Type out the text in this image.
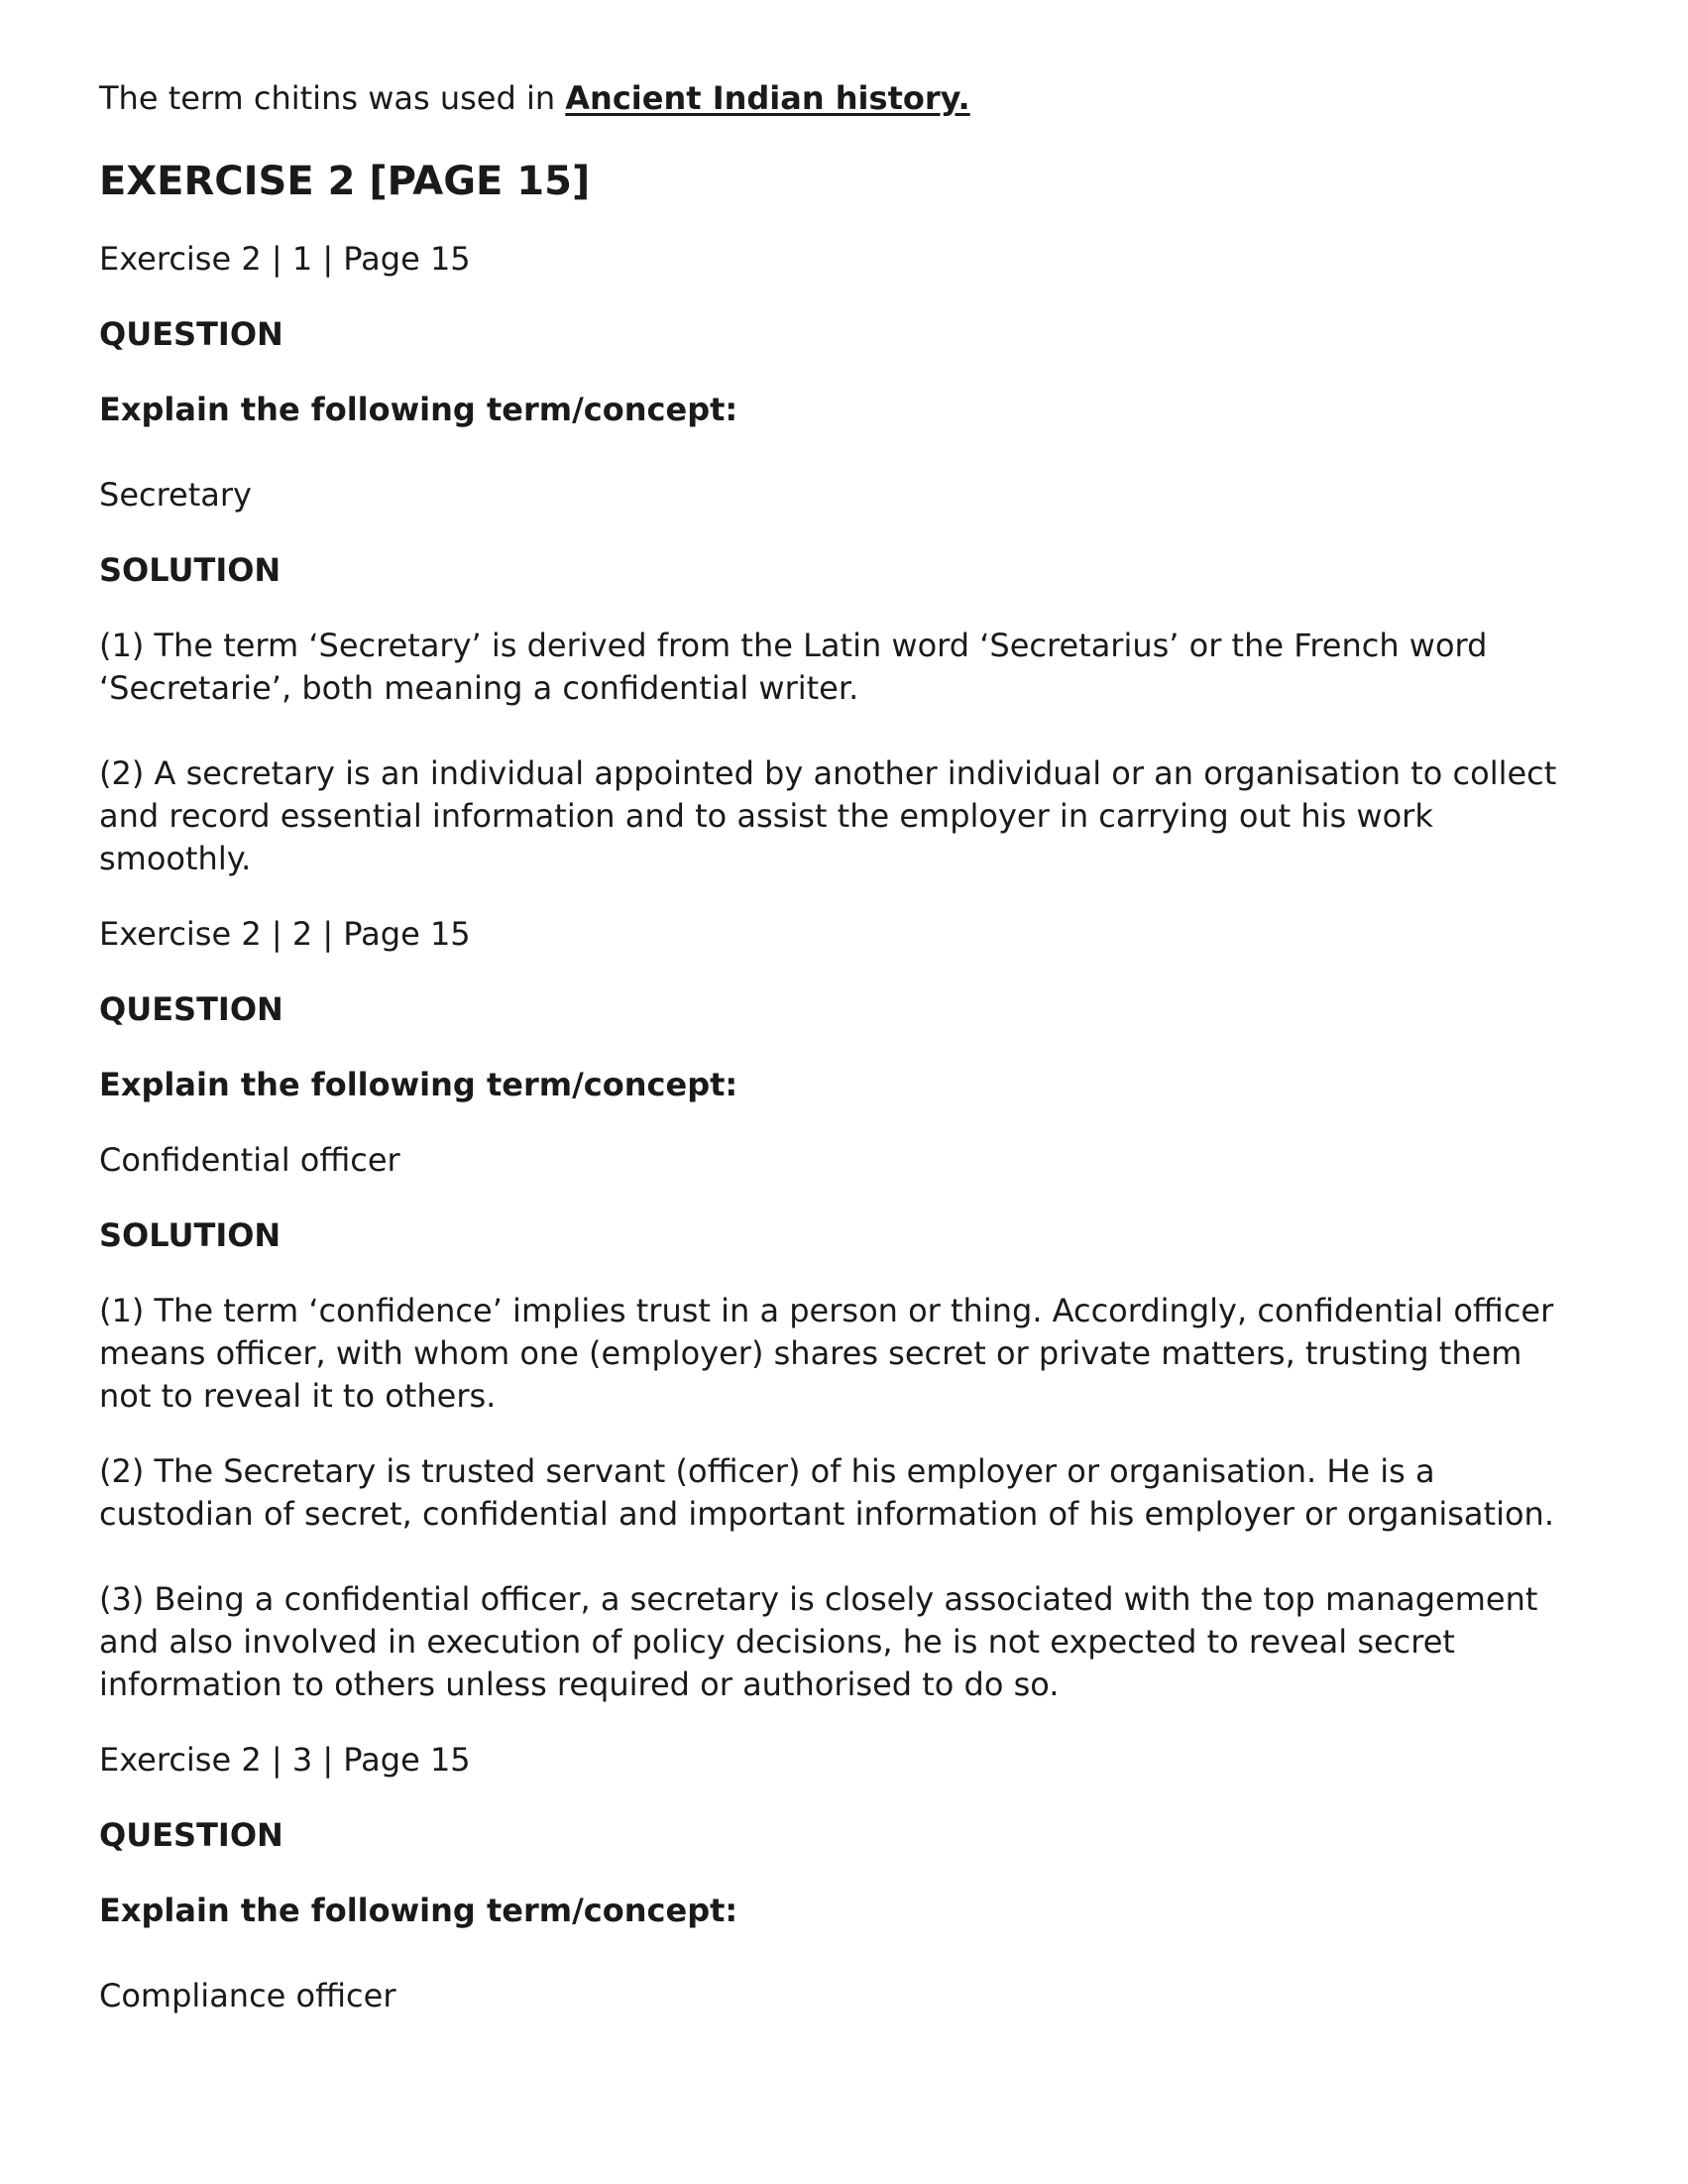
The term chitins was used in Ancient Indian history.

EXERCISE 2 [PAGE 15]

Exercise 2 | 1 | Page 15

QUESTION

Explain the following term/concept:

Secretary

SOLUTION

(1) The term ‘Secretary’ is derived from the Latin word ‘Secretarius’ or the French word ‘Secretarie’, both meaning a confidential writer.

(2) A secretary is an individual appointed by another individual or an organisation to collect and record essential information and to assist the employer in carrying out his work smoothly.

Exercise 2 | 2 | Page 15

QUESTION

Explain the following term/concept:

Confidential officer

SOLUTION

(1) The term ‘confidence’ implies trust in a person or thing. Accordingly, confidential officer means officer, with whom one (employer) shares secret or private matters, trusting them not to reveal it to others.

(2) The Secretary is trusted servant (officer) of his employer or organisation. He is a custodian of secret, confidential and important information of his employer or organisation.

(3) Being a confidential officer, a secretary is closely associated with the top management and also involved in execution of policy decisions, he is not expected to reveal secret information to others unless required or authorised to do so.

Exercise 2 | 3 | Page 15

QUESTION

Explain the following term/concept:

Compliance officer
